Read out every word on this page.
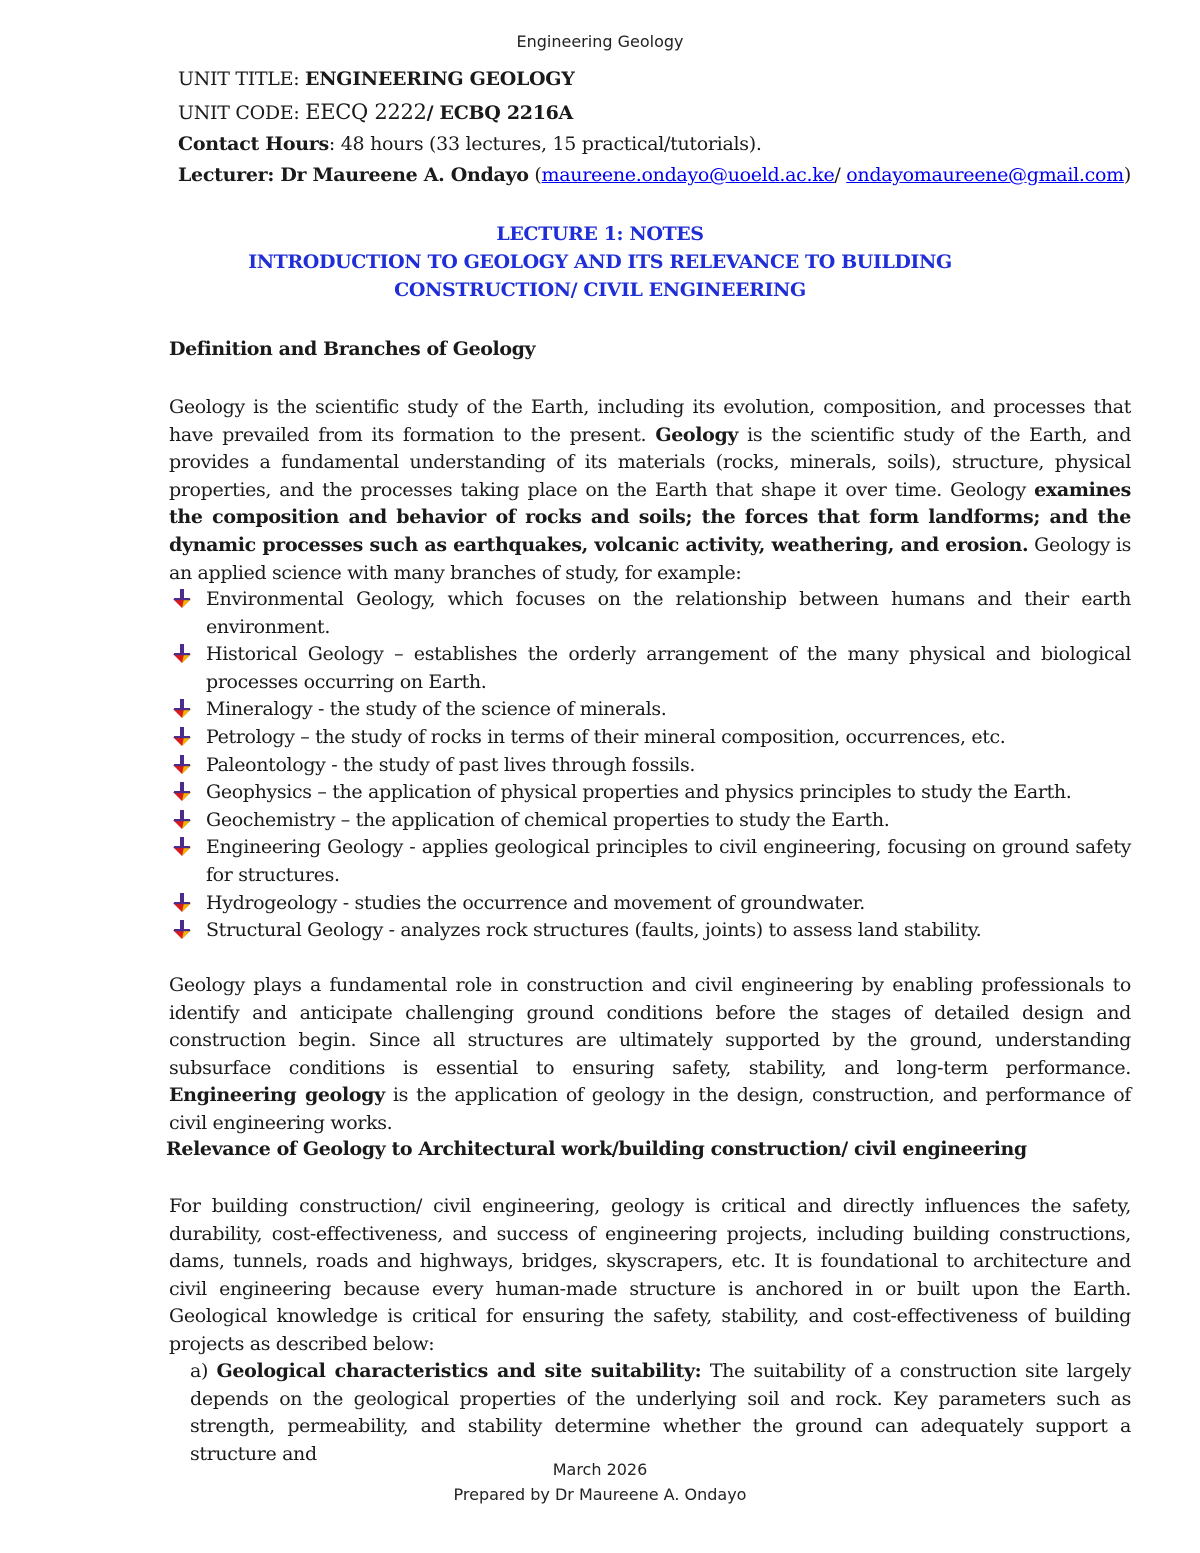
Engineering Geology
UNIT TITLE: ENGINEERING GEOLOGY
UNIT CODE: EECQ 2222/ ECBQ 2216A
Contact Hours: 48 hours (33 lectures, 15 practical/tutorials).
Lecturer: Dr Maureene A. Ondayo (maureene.ondayo@uoeld.ac.ke/ ondayomaureene@gmail.com)
LECTURE 1: NOTES
INTRODUCTION TO GEOLOGY AND ITS RELEVANCE TO BUILDING
CONSTRUCTION/ CIVIL ENGINEERING
Definition and Branches of Geology
Geology is the scientific study of the Earth, including its evolution, composition, and processes that have prevailed from its formation to the present. Geology is the scientific study of the Earth, and provides a fundamental understanding of its materials (rocks, minerals, soils), structure, physical properties, and the processes taking place on the Earth that shape it over time. Geology examines the composition and behavior of rocks and soils; the forces that form landforms; and the dynamic processes such as earthquakes, volcanic activity, weathering, and erosion. Geology is an applied science with many branches of study, for example:
Environmental Geology, which focuses on the relationship between humans and their earth environment.
Historical Geology – establishes the orderly arrangement of the many physical and biological processes occurring on Earth.
Mineralogy - the study of the science of minerals.
Petrology – the study of rocks in terms of their mineral composition, occurrences, etc.
Paleontology - the study of past lives through fossils.
Geophysics – the application of physical properties and physics principles to study the Earth.
Geochemistry – the application of chemical properties to study the Earth.
Engineering Geology - applies geological principles to civil engineering, focusing on ground safety for structures.
Hydrogeology - studies the occurrence and movement of groundwater.
Structural Geology - analyzes rock structures (faults, joints) to assess land stability.
Geology plays a fundamental role in construction and civil engineering by enabling professionals to identify and anticipate challenging ground conditions before the stages of detailed design and construction begin. Since all structures are ultimately supported by the ground, understanding subsurface conditions is essential to ensuring safety, stability, and long-term performance. Engineering geology is the application of geology in the design, construction, and performance of civil engineering works.
Relevance of Geology to Architectural work/building construction/ civil engineering
For building construction/ civil engineering, geology is critical and directly influences the safety, durability, cost-effectiveness, and success of engineering projects, including building constructions, dams, tunnels, roads and highways, bridges, skyscrapers, etc. It is foundational to architecture and civil engineering because every human-made structure is anchored in or built upon the Earth. Geological knowledge is critical for ensuring the safety, stability, and cost-effectiveness of building projects as described below:
a) Geological characteristics and site suitability: The suitability of a construction site largely depends on the geological properties of the underlying soil and rock. Key parameters such as strength, permeability, and stability determine whether the ground can adequately support a structure and
March 2026
Prepared by Dr Maureene A. Ondayo
